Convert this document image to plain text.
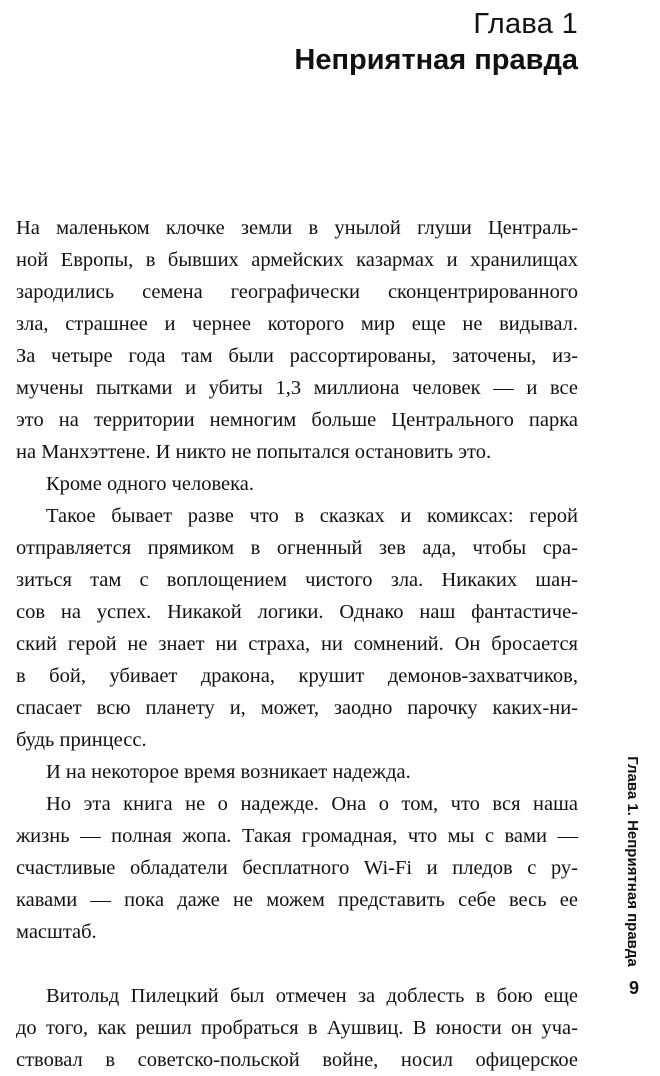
Глава 1
Неприятная правда
На маленьком клочке земли в унылой глуши Централь-
ной Европы, в бывших армейских казармах и хранилищах
зародились семена географически сконцентрированного
зла, страшнее и чернее которого мир еще не видывал.
За четыре года там были рассортированы, заточены, из-
мучены пытками и убиты 1,3 миллиона человек — и все
это на территории немногим больше Центрального парка
на Манхэттене. И никто не попытался остановить это.
Кроме одного человека.
Такое бывает разве что в сказках и комиксах: герой
отправляется прямиком в огненный зев ада, чтобы сра-
зиться там с воплощением чистого зла. Никаких шан-
сов на успех. Никакой логики. Однако наш фантастиче-
ский герой не знает ни страха, ни сомнений. Он бросается
в бой, убивает дракона, крушит демонов-захватчиков,
спасает всю планету и, может, заодно парочку каких-ни-
будь принцесс.
И на некоторое время возникает надежда.
Но эта книга не о надежде. Она о том, что вся наша
жизнь — полная жопа. Такая громадная, что мы с вами —
счастливые обладатели бесплатного Wi-Fi и пледов с ру-
кавами — пока даже не можем представить себе весь ее
масштаб.
Витольд Пилецкий был отмечен за доблесть в бою еще
до того, как решил пробраться в Аушвиц. В юности он уча-
ствовал в советско-польской войне, носил офицерское
Глава 1. Неприятная правда
9
